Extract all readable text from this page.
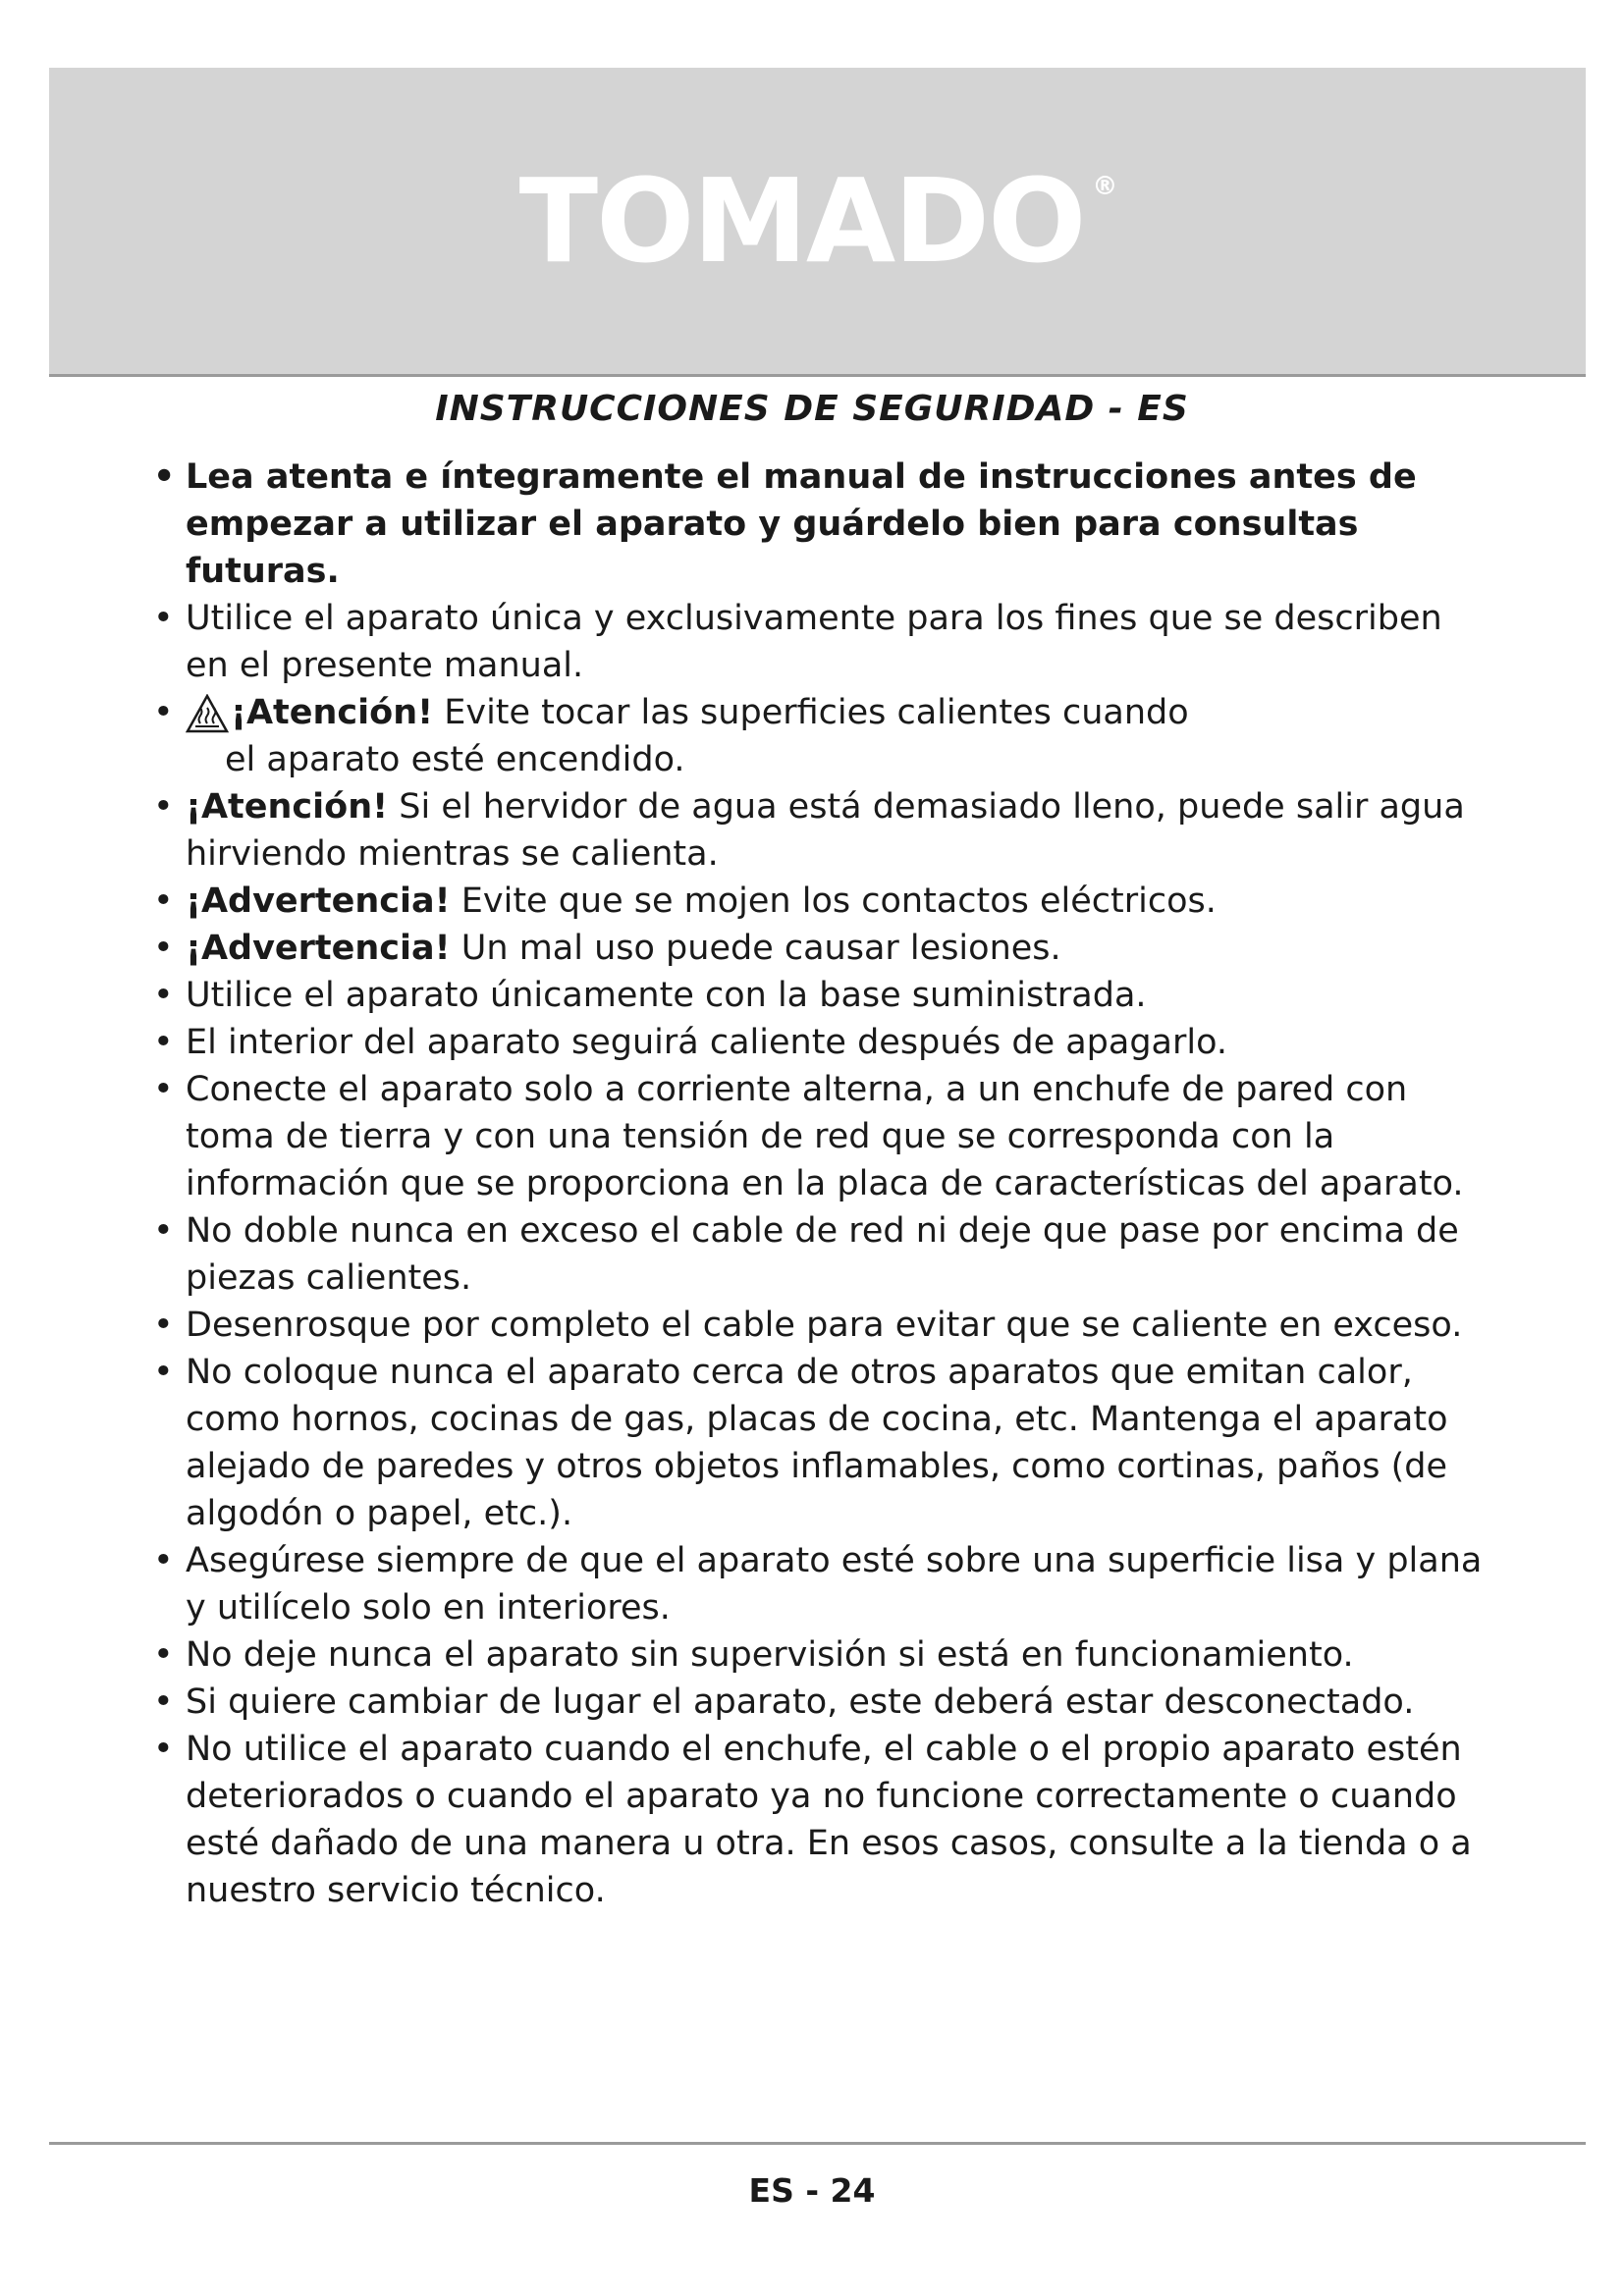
TOMADO ®
INSTRUCCIONES DE SEGURIDAD - ES
• Lea atenta e íntegramente el manual de instrucciones antes de empezar a utilizar el aparato y guárdelo bien para consultas futuras.
• Utilice el aparato única y exclusivamente para los fines que se describen en el presente manual.
• ¡Atención! Evite tocar las superficies calientes cuando
el aparato esté encendido.
• ¡Atención! Si el hervidor de agua está demasiado lleno, puede salir agua hirviendo mientras se calienta.
• ¡Advertencia! Evite que se mojen los contactos eléctricos.
• ¡Advertencia! Un mal uso puede causar lesiones.
• Utilice el aparato únicamente con la base suministrada.
• El interior del aparato seguirá caliente después de apagarlo.
• Conecte el aparato solo a corriente alterna, a un enchufe de pared con toma de tierra y con una tensión de red que se corresponda con la información que se proporciona en la placa de características del aparato.
• No doble nunca en exceso el cable de red ni deje que pase por encima de piezas calientes.
• Desenrosque por completo el cable para evitar que se caliente en exceso.
• No coloque nunca el aparato cerca de otros aparatos que emitan calor, como hornos, cocinas de gas, placas de cocina, etc. Mantenga el aparato alejado de paredes y otros objetos inflamables, como cortinas, paños (de algodón o papel, etc.).
• Asegúrese siempre de que el aparato esté sobre una superficie lisa y plana y utilícelo solo en interiores.
• No deje nunca el aparato sin supervisión si está en funcionamiento.
• Si quiere cambiar de lugar el aparato, este deberá estar desconectado.
• No utilice el aparato cuando el enchufe, el cable o el propio aparato estén deteriorados o cuando el aparato ya no funcione correctamente o cuando esté dañado de una manera u otra. En esos casos, consulte a la tienda o a nuestro servicio técnico.
ES - 24
